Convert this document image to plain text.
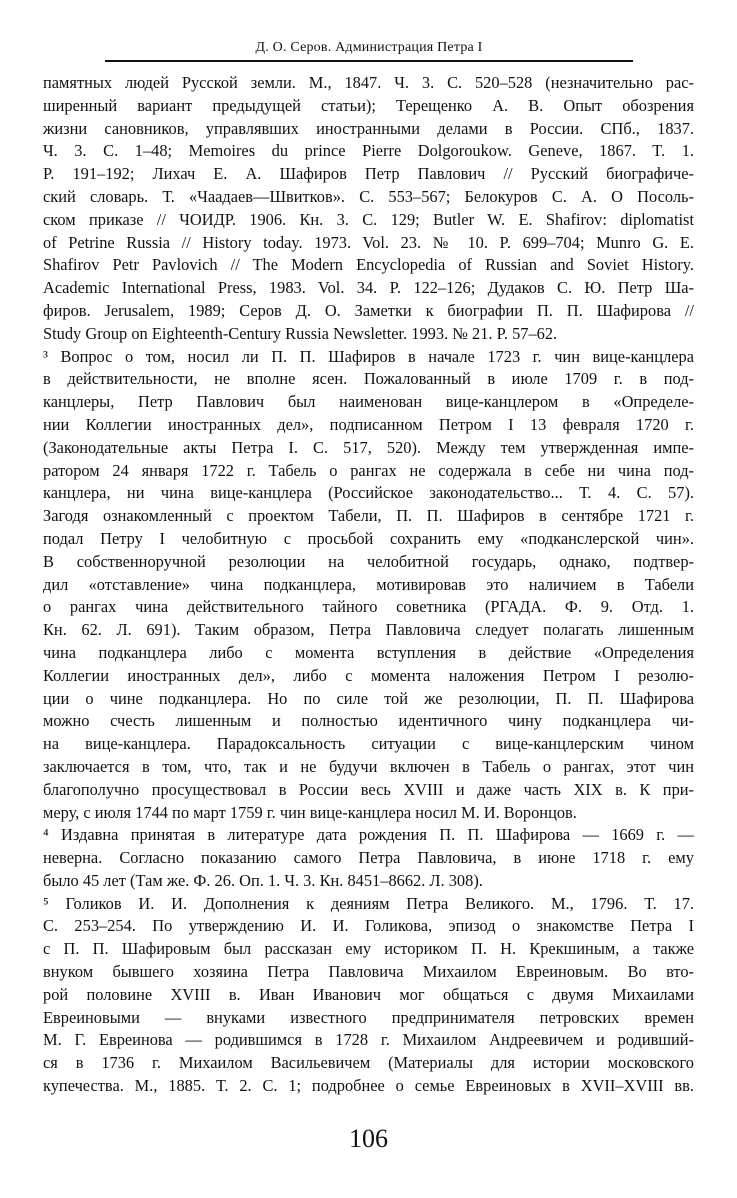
Д. О. Серов. Администрация Петра I
памятных людей Русской земли. М., 1847. Ч. 3. С. 520–528 (незначительно рас-
ширенный вариант предыдущей статьи); Терещенко А. В. Опыт обозрения
жизни сановников, управлявших иностранными делами в России. СПб., 1837.
Ч. 3. С. 1–48; Memoires du prince Pierre Dolgoroukow. Geneve, 1867. T. 1.
P. 191–192; Лихач Е. А. Шафиров Петр Павлович // Русский биографиче-
ский словарь. Т. «Чаадаев—Швитков». С. 553–567; Белокуров С. А. О Посоль-
ском приказе // ЧОИДР. 1906. Кн. 3. С. 129; Butler W. E. Shafirov: diplomatist
of Petrine Russia // History today. 1973. Vol. 23. № 10. P. 699–704; Munro G. E.
Shafirov Petr Pavlovich // The Modern Encyclopedia of Russian and Soviet History.
Academic International Press, 1983. Vol. 34. P. 122–126; Дудаков С. Ю. Петр Ша-
фиров. Jerusalem, 1989; Серов Д. О. Заметки к биографии П. П. Шафирова //
Study Group on Eighteenth-Century Russia Newsletter. 1993. № 21. P. 57–62.
³ Вопрос о том, носил ли П. П. Шафиров в начале 1723 г. чин вице-канцлера
в действительности, не вполне ясен. Пожалованный в июле 1709 г. в под-
канцлеры, Петр Павлович был наименован вице-канцлером в «Определе-
нии Коллегии иностранных дел», подписанном Петром I 13 февраля 1720 г.
(Законодательные акты Петра I. С. 517, 520). Между тем утвержденная импе-
ратором 24 января 1722 г. Табель о рангах не содержала в себе ни чина под-
канцлера, ни чина вице-канцлера (Российское законодательство... Т. 4. С. 57).
Загодя ознакомленный с проектом Табели, П. П. Шафиров в сентябре 1721 г.
подал Петру I челобитную с просьбой сохранить ему «подканслерской чин».
В собственноручной резолюции на челобитной государь, однако, подтвер-
дил «отставление» чина подканцлера, мотивировав это наличием в Табели
о рангах чина действительного тайного советника (РГАДА. Ф. 9. Отд. 1.
Кн. 62. Л. 691). Таким образом, Петра Павловича следует полагать лишенным
чина подканцлера либо с момента вступления в действие «Определения
Коллегии иностранных дел», либо с момента наложения Петром I резолю-
ции о чине подканцлера. Но по силе той же резолюции, П. П. Шафирова
можно счесть лишенным и полностью идентичного чину подканцлера чи-
на вице-канцлера. Парадоксальность ситуации с вице-канцлерским чином
заключается в том, что, так и не будучи включен в Табель о рангах, этот чин
благополучно просуществовал в России весь XVIII и даже часть XIX в. К при-
меру, с июля 1744 по март 1759 г. чин вице-канцлера носил М. И. Воронцов.
⁴ Издавна принятая в литературе дата рождения П. П. Шафирова — 1669 г. —
неверна. Согласно показанию самого Петра Павловича, в июне 1718 г. ему
было 45 лет (Там же. Ф. 26. Оп. 1. Ч. 3. Кн. 8451–8662. Л. 308).
⁵ Голиков И. И. Дополнения к деяниям Петра Великого. М., 1796. Т. 17.
С. 253–254. По утверждению И. И. Голикова, эпизод о знакомстве Петра I
с П. П. Шафировым был рассказан ему историком П. Н. Крекшиным, а также
внуком бывшего хозяина Петра Павловича Михаилом Евреиновым. Во вто-
рой половине XVIII в. Иван Иванович мог общаться с двумя Михаилами
Евреиновыми — внуками известного предпринимателя петровских времен
М. Г. Евреинова — родившимся в 1728 г. Михаилом Андреевичем и родивший-
ся в 1736 г. Михаилом Васильевичем (Материалы для истории московского
купечества. М., 1885. Т. 2. С. 1; подробнее о семье Евреиновых в XVII–XVIII вв.
106
